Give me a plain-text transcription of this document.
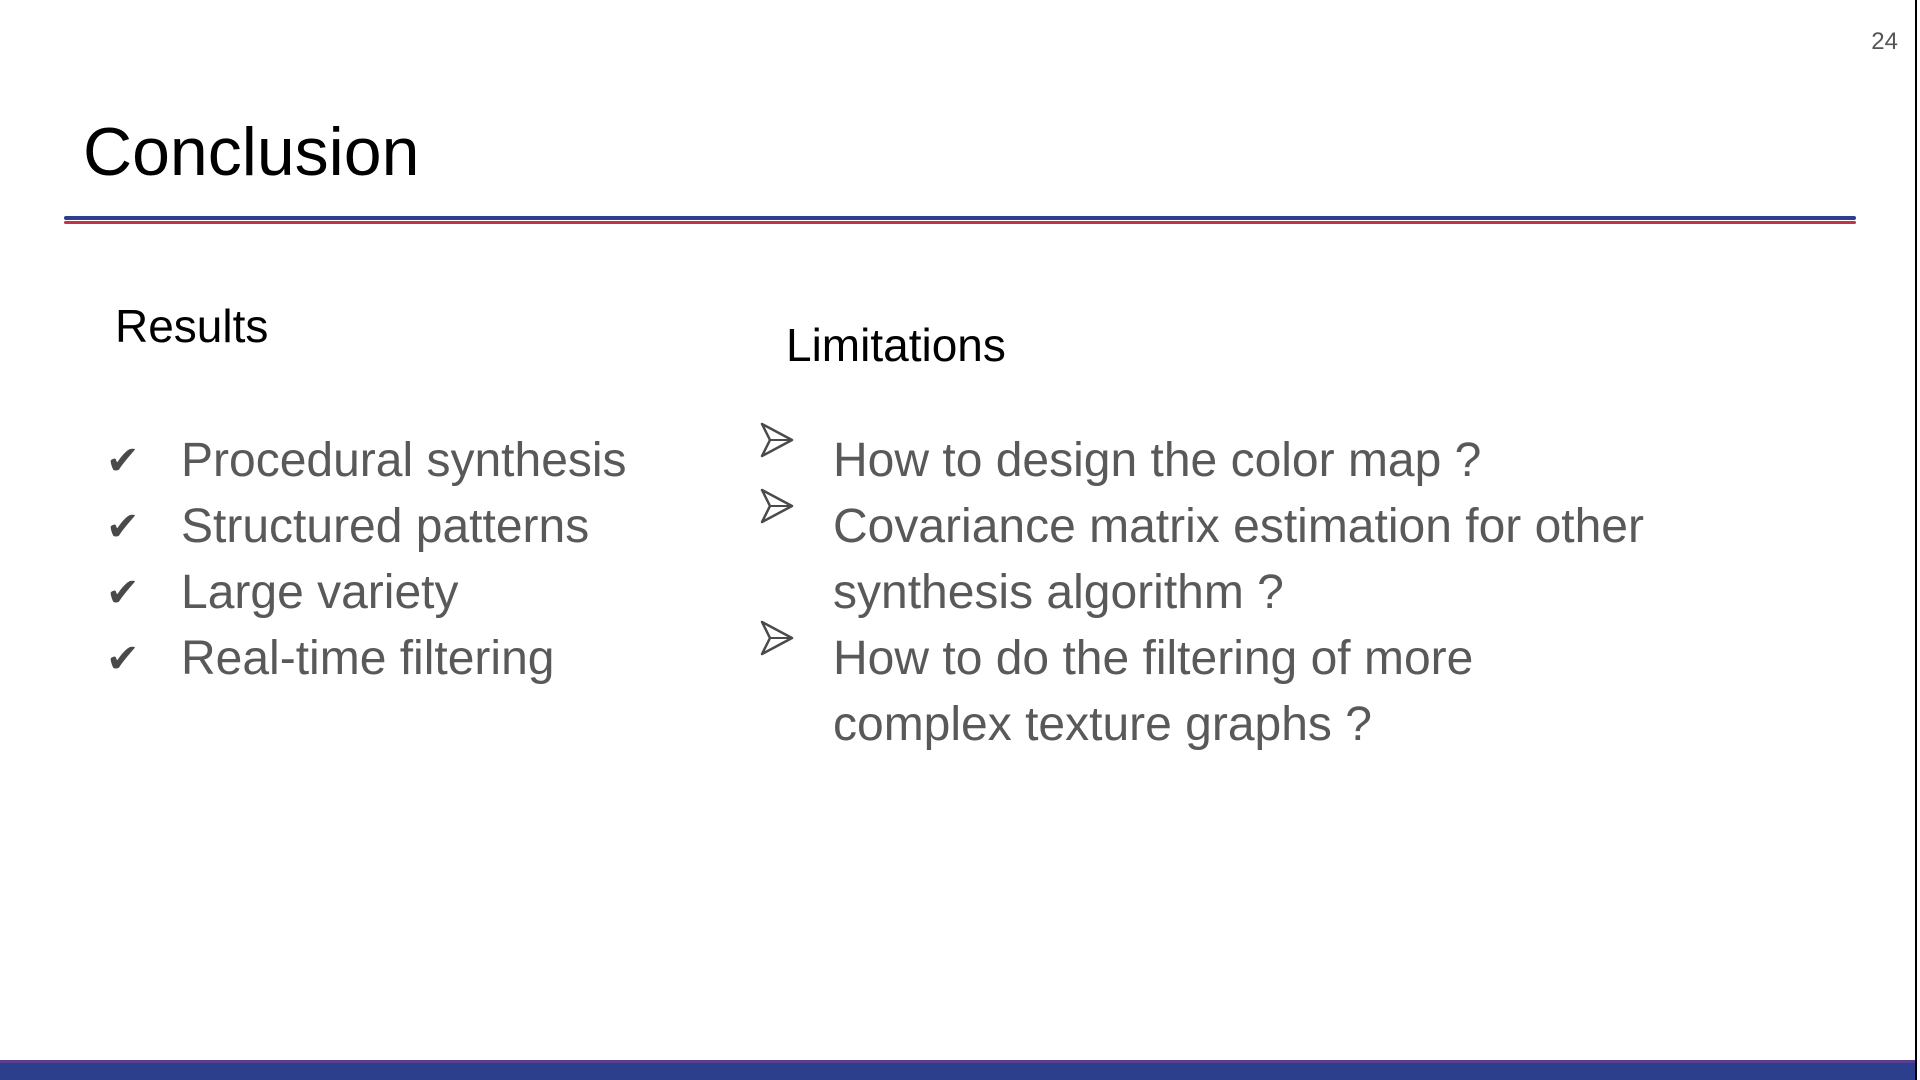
24
Conclusion
Results	Limitations
✔ Procedural synthesis
✔ Structured patterns
✔ Large variety
✔ Real-time filtering
How to design the color map ?
Covariance matrix estimation for other synthesis algorithm ?
How to do the filtering of more complex texture graphs ?
